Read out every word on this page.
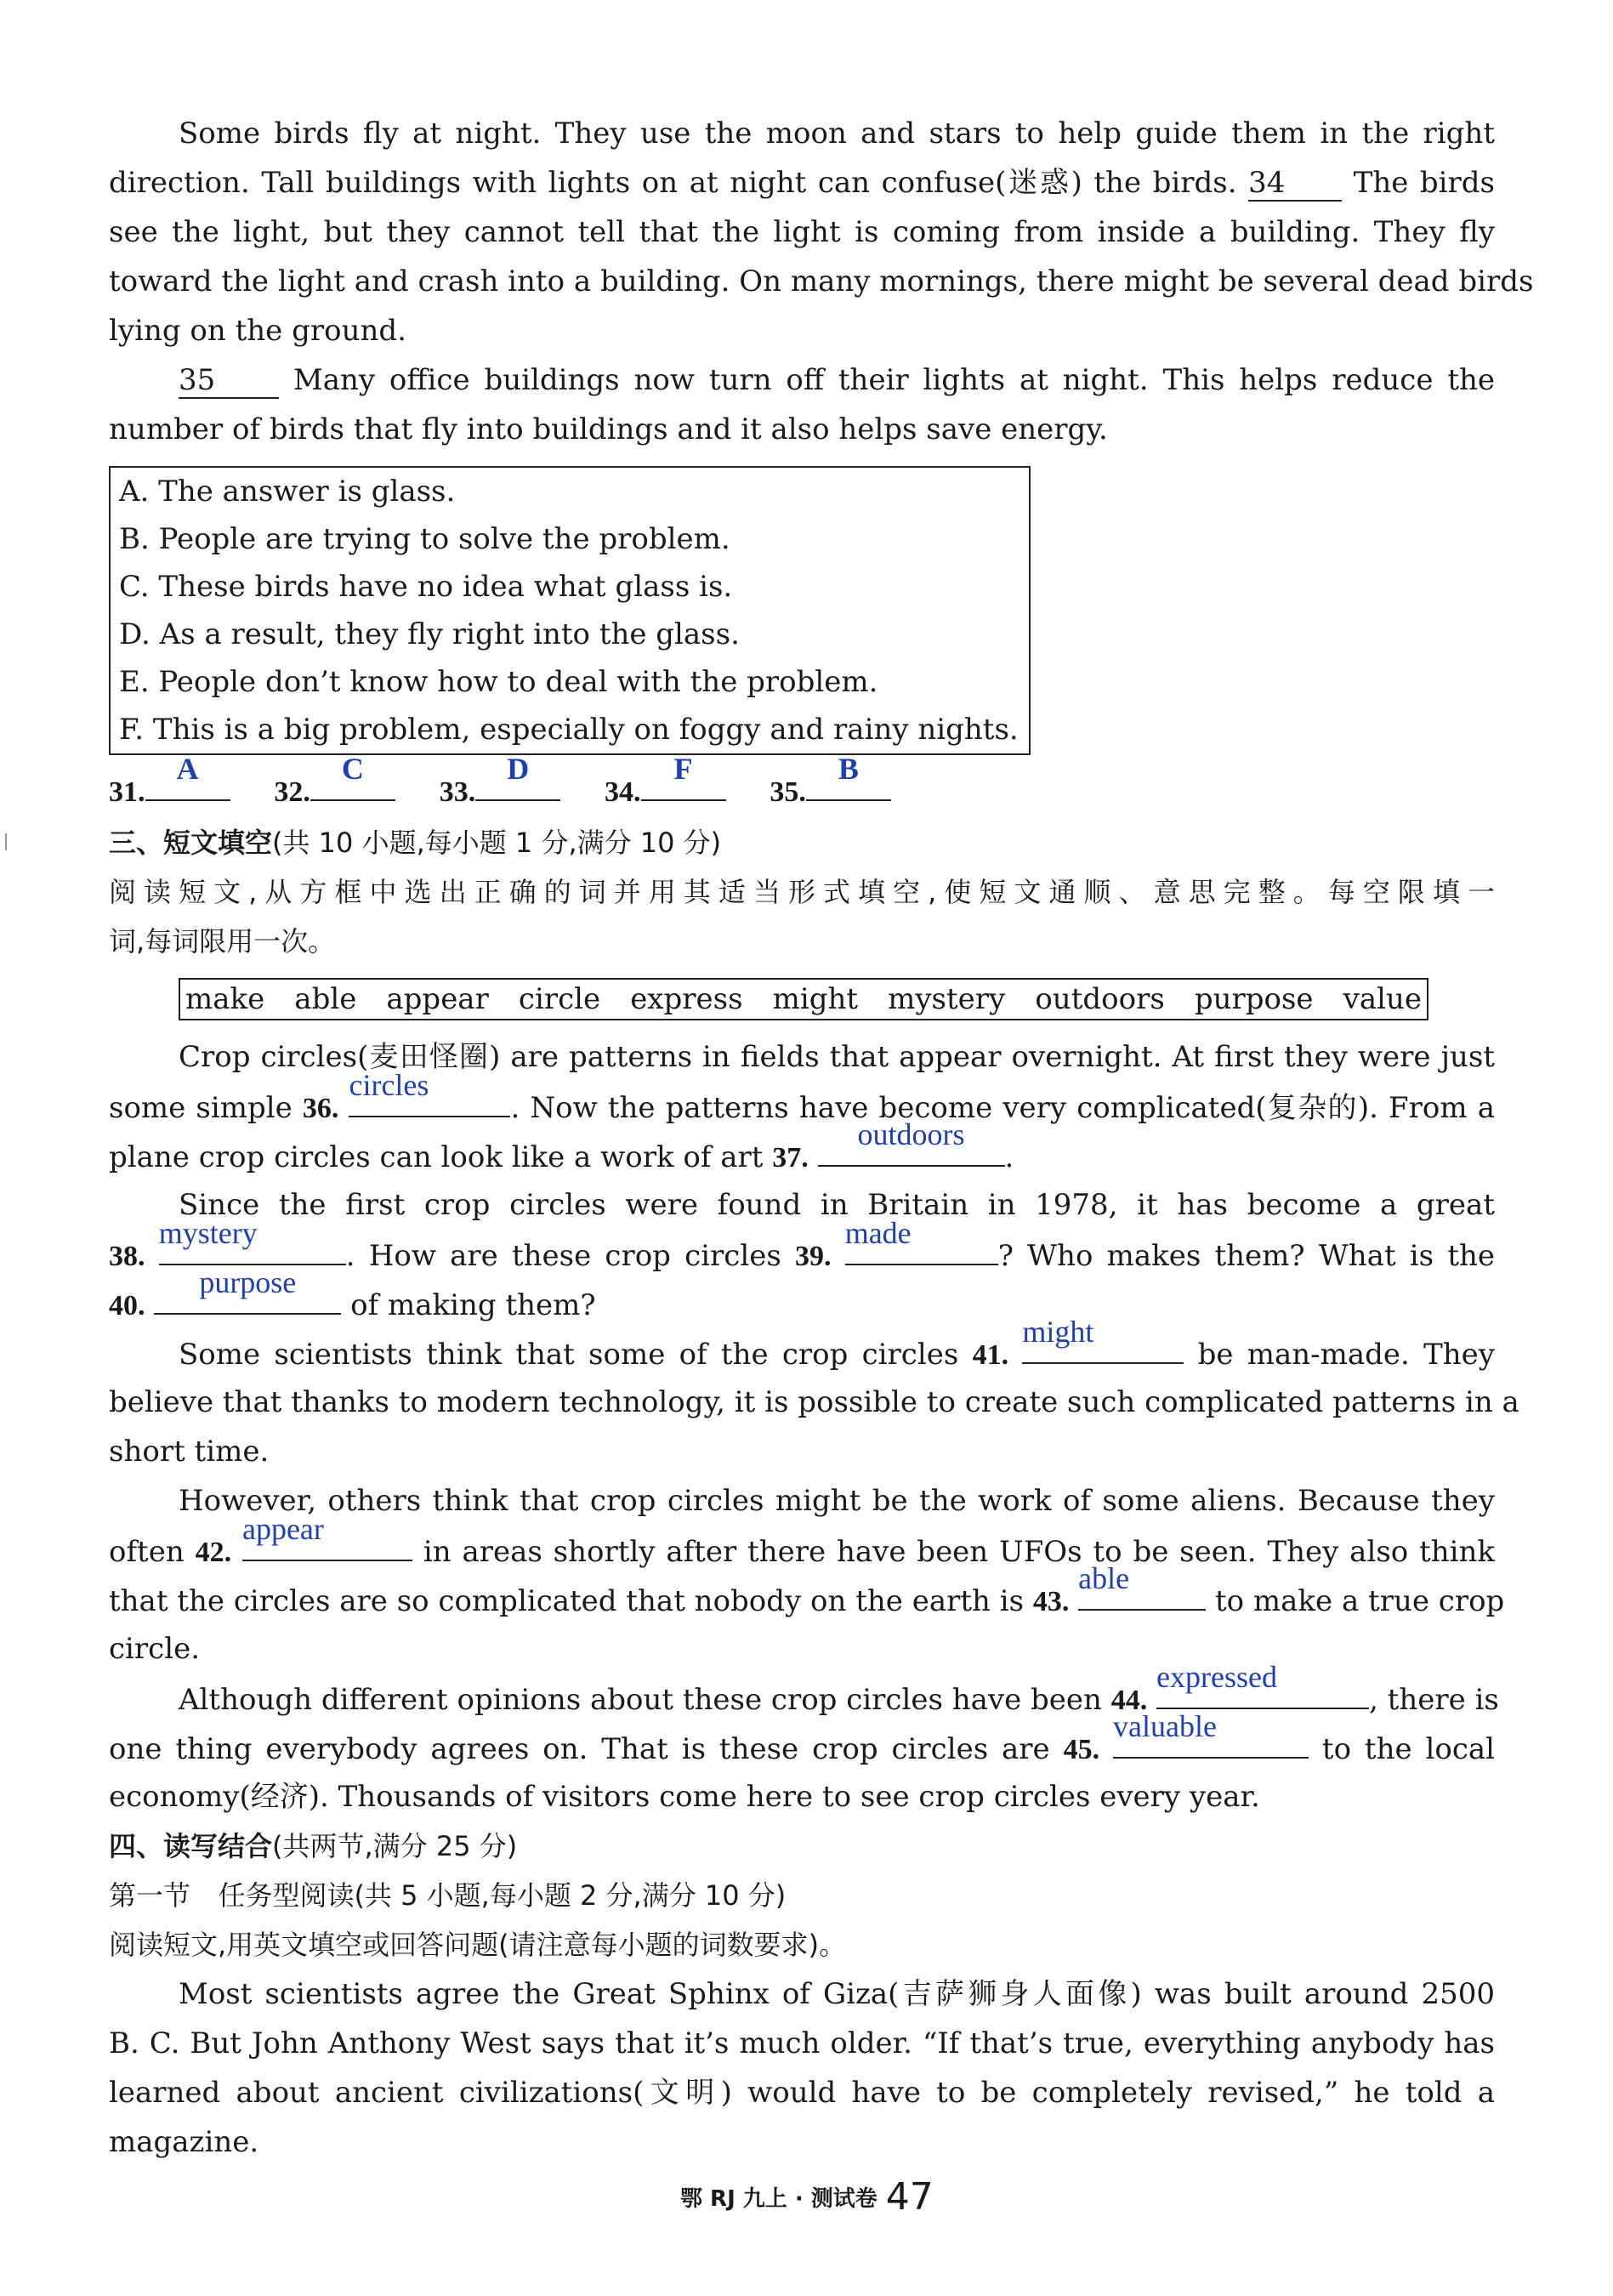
Some birds fly at night. They use the moon and stars to help guide them in the right
direction. Tall buildings with lights on at night can confuse(迷惑) the birds. 34 The birds
see the light, but they cannot tell that the light is coming from inside a building. They fly
toward the light and crash into a building. On many mornings, there might be several dead birds
lying on the ground.
35	Many office buildings now turn off their lights at night. This helps reduce the
number of birds that fly into buildings and it also helps save energy.
A. The answer is glass.
B. People are trying to solve the problem.
C. These birds have no idea what glass is.
D. As a result, they fly right into the glass.
E. People don’t know how to deal with the problem.
F. This is a big problem, especially on foggy and rainy nights.
31.
A
32.
C
33.
D
34.
F
35.
B
三、短文填空(共 10 小题,每小题 1 分,满分 10 分)
阅读短文,从方框中选出正确的词并用其适当形式填空,使短文通顺、意思完整。每空限填一
词,每词限用一次。
make able appear circle express might mystery outdoors purpose value
Crop circles(麦田怪圈) are patterns in fields that appear overnight. At first they were just
some simple 36.
circles
. Now the patterns have become very complicated(复杂的). From a
plane crop circles can look like a work of art 37.
outdoors
.
Since the first crop circles were found in Britain in 1978, it has become a great
38.
mystery
. How are these crop circles 39.
made
? Who makes them? What is the
40.
purpose
of making them?
Some scientists think that some of the crop circles 41.
might
be man-made. They
believe that thanks to modern technology, it is possible to create such complicated patterns in a
short time.
However, others think that crop circles might be the work of some aliens. Because they
often 42.
appear
in areas shortly after there have been UFOs to be seen. They also think
that the circles are so complicated that nobody on the earth is 43.
able
to make a true crop
circle.
Although different opinions about these crop circles have been 44.
expressed
, there is
one thing everybody agrees on. That is these crop circles are 45.
valuable
to the local
economy(经济). Thousands of visitors come here to see crop circles every year.
四、读写结合(共两节,满分 25 分)
第一节 任务型阅读(共 5 小题,每小题 2 分,满分 10 分)
阅读短文,用英文填空或回答问题(请注意每小题的词数要求)。
Most scientists agree the Great Sphinx of Giza(吉萨狮身人面像) was built around 2500
B. C. But John Anthony West says that it’s much older. “If that’s true, everything anybody has
learned about ancient civilizations(文明) would have to be completely revised,” he told a
magazine.
鄂 RJ 九上 · 测试卷 47
